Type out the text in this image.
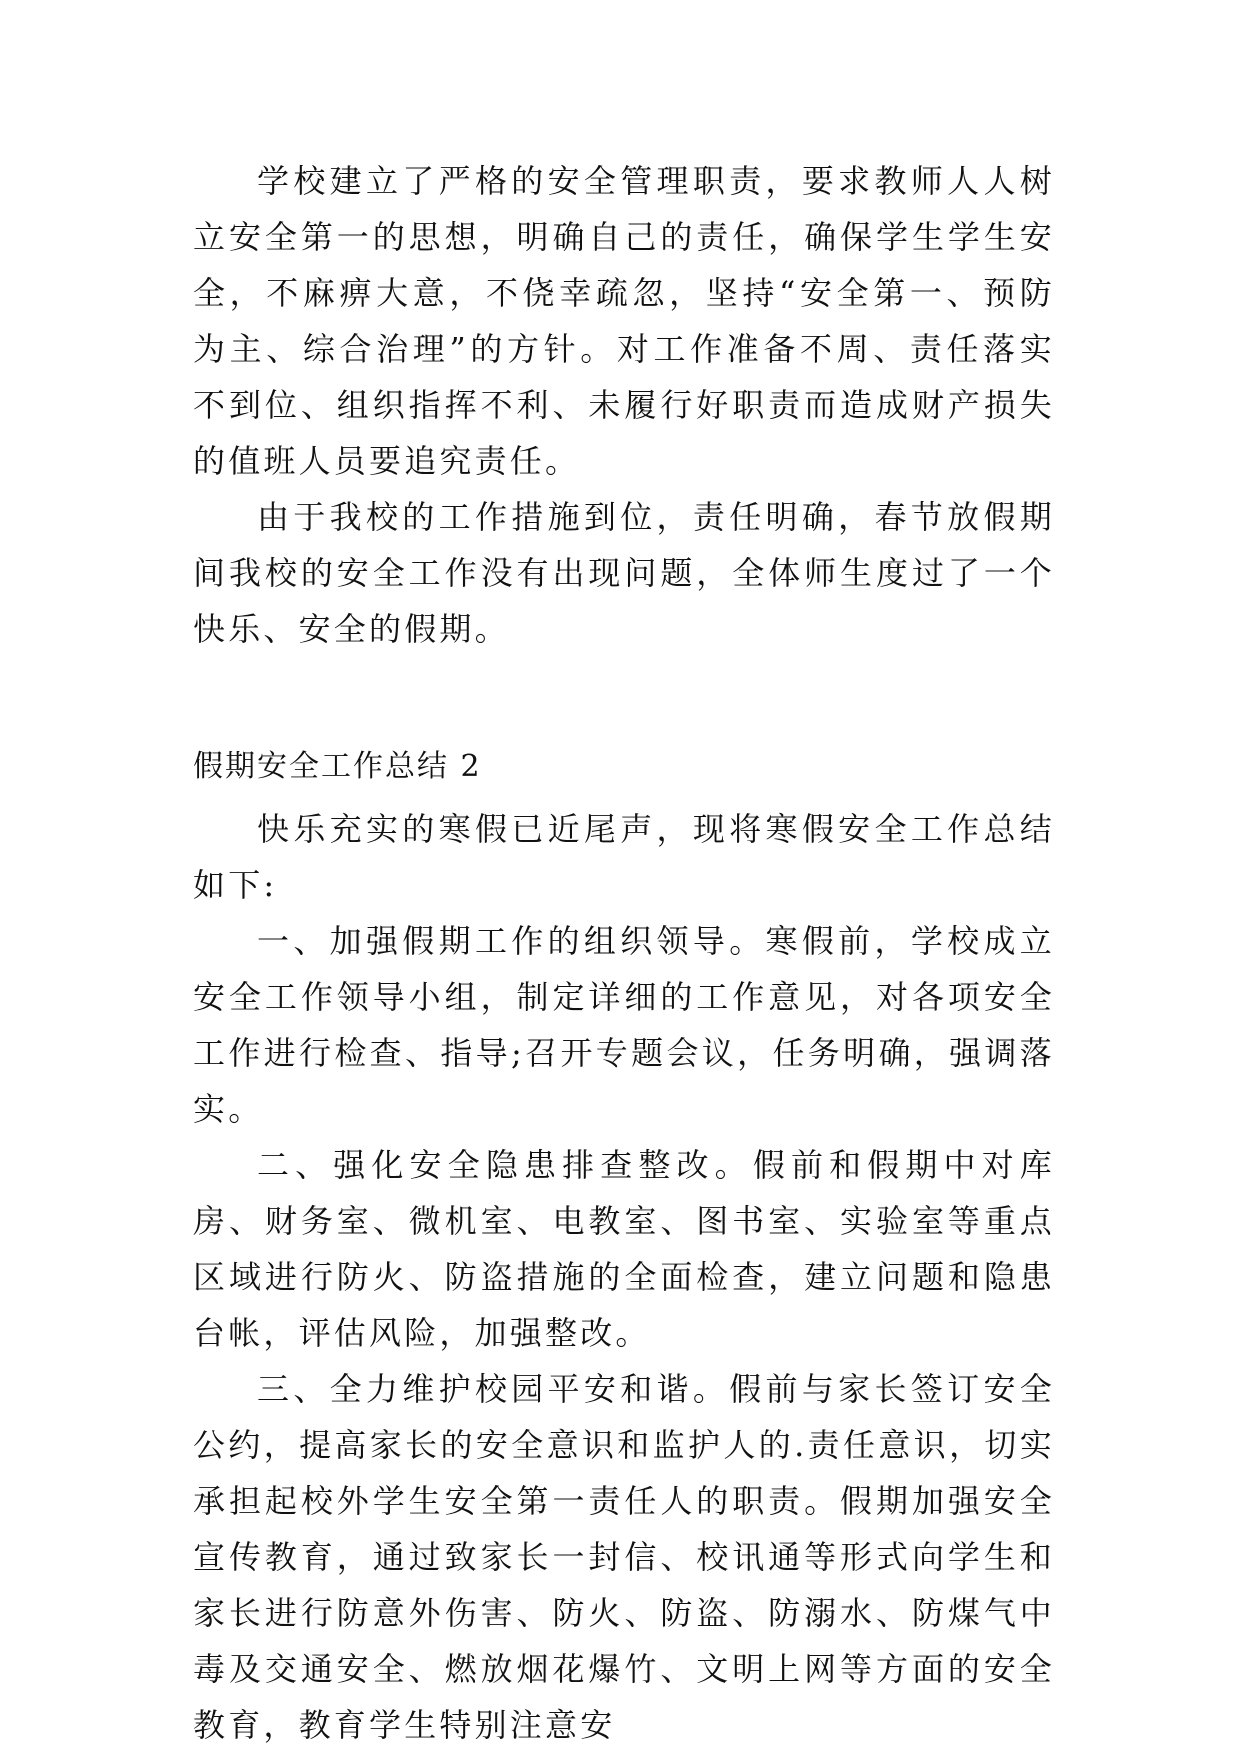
学校建立了严格的安全管理职责，要求教师人人树立安全第一的思想，明确自己的责任，确保学生学生安全，不麻痹大意，不侥幸疏忽，坚持“安全第一、预防为主、综合治理”的方针。对工作准备不周、责任落实不到位、组织指挥不利、未履行好职责而造成财产损失的值班人员要追究责任。

由于我校的工作措施到位，责任明确，春节放假期间我校的安全工作没有出现问题，全体师生度过了一个快乐、安全的假期。

假期安全工作总结 2

快乐充实的寒假已近尾声，现将寒假安全工作总结如下:

一、加强假期工作的组织领导。寒假前，学校成立安全工作领导小组，制定详细的工作意见，对各项安全工作进行检查、指导;召开专题会议，任务明确，强调落实。

二、强化安全隐患排查整改。假前和假期中对库房、财务室、微机室、电教室、图书室、实验室等重点区域进行防火、防盗措施的全面检查，建立问题和隐患台帐，评估风险，加强整改。

三、全力维护校园平安和谐。假前与家长签订安全公约，提高家长的安全意识和监护人的.责任意识，切实承担起校外学生安全第一责任人的职责。假期加强安全宣传教育，通过致家长一封信、校讯通等形式向学生和家长进行防意外伤害、防火、防盗、防溺水、防煤气中毒及交通安全、燃放烟花爆竹、文明上网等方面的安全教育，教育学生特别注意安
